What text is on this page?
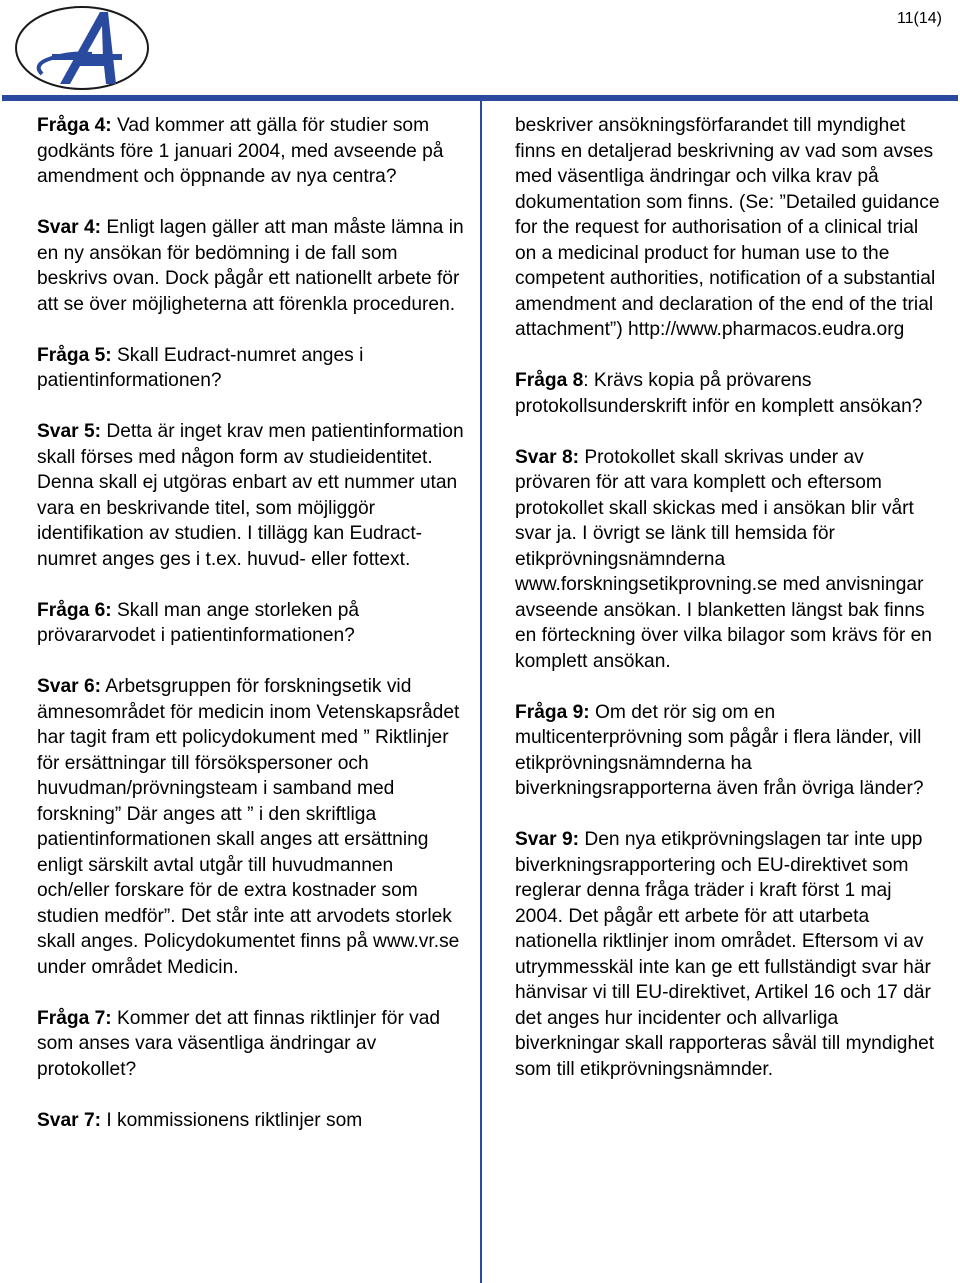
11(14)

Fråga 4: Vad kommer att gälla för studier som godkänts före 1 januari 2004, med avseende på amendment och öppnande av nya centra?

Svar 4: Enligt lagen gäller att man måste lämna in en ny ansökan för bedömning i de fall som beskrivs ovan. Dock pågår ett nationellt arbete för att se över möjligheterna att förenkla proceduren.

Fråga 5: Skall Eudract-numret anges i patientinformationen?

Svar 5: Detta är inget krav men patientinformation skall förses med någon form av studieidentitet. Denna skall ej utgöras enbart av ett nummer utan vara en beskrivande titel, som möjliggör identifikation av studien. I tillägg kan Eudract-numret anges ges i t.ex. huvud- eller fottext.

Fråga 6: Skall man ange storleken på prövararvodet i patientinformationen?

Svar 6: Arbetsgruppen för forskningsetik vid ämnesområdet för medicin inom Vetenskapsrådet har tagit fram ett policydokument med ” Riktlinjer för ersättningar till försökspersoner och huvudman/prövningsteam i samband med forskning” Där anges att ” i den skriftliga patientinformationen skall anges att ersättning enligt särskilt avtal utgår till huvudmannen och/eller forskare för de extra kostnader som studien medför”. Det står inte att arvodets storlek skall anges. Policydokumentet finns på www.vr.se under området Medicin.

Fråga 7: Kommer det att finnas riktlinjer för vad som anses vara väsentliga ändringar av protokollet?

Svar 7: I kommissionens riktlinjer som

beskriver ansökningsförfarandet till myndighet finns en detaljerad beskrivning av vad som avses med väsentliga ändringar och vilka krav på dokumentation som finns. (Se: ”Detailed guidance for the request for authorisation of a clinical trial on a medicinal product for human use to the competent authorities, notification of a substantial amendment and declaration of the end of the trial attachment”) http://www.pharmacos.eudra.org

Fråga 8: Krävs kopia på prövarens protokollsunderskrift inför en komplett ansökan?

Svar 8: Protokollet skall skrivas under av prövaren för att vara komplett och eftersom protokollet skall skickas med i ansökan blir vårt svar ja. I övrigt se länk till hemsida för etikprövningsnämnderna www.forskningsetikprovning.se med anvisningar avseende ansökan. I blanketten längst bak finns en förteckning över vilka bilagor som krävs för en komplett ansökan.

Fråga 9: Om det rör sig om en multicenterprövning som pågår i flera länder, vill etikprövningsnämnderna ha biverkningsrapporterna även från övriga länder?

Svar 9: Den nya etikprövningslagen tar inte upp biverkningsrapportering och EU-direktivet som reglerar denna fråga träder i kraft först 1 maj 2004. Det pågår ett arbete för att utarbeta nationella riktlinjer inom området. Eftersom vi av utrymmesskäl inte kan ge ett fullständigt svar här hänvisar vi till EU-direktivet, Artikel 16 och 17 där det anges hur incidenter och allvarliga biverkningar skall rapporteras såväl till myndighet som till etikprövningsnämnder.
